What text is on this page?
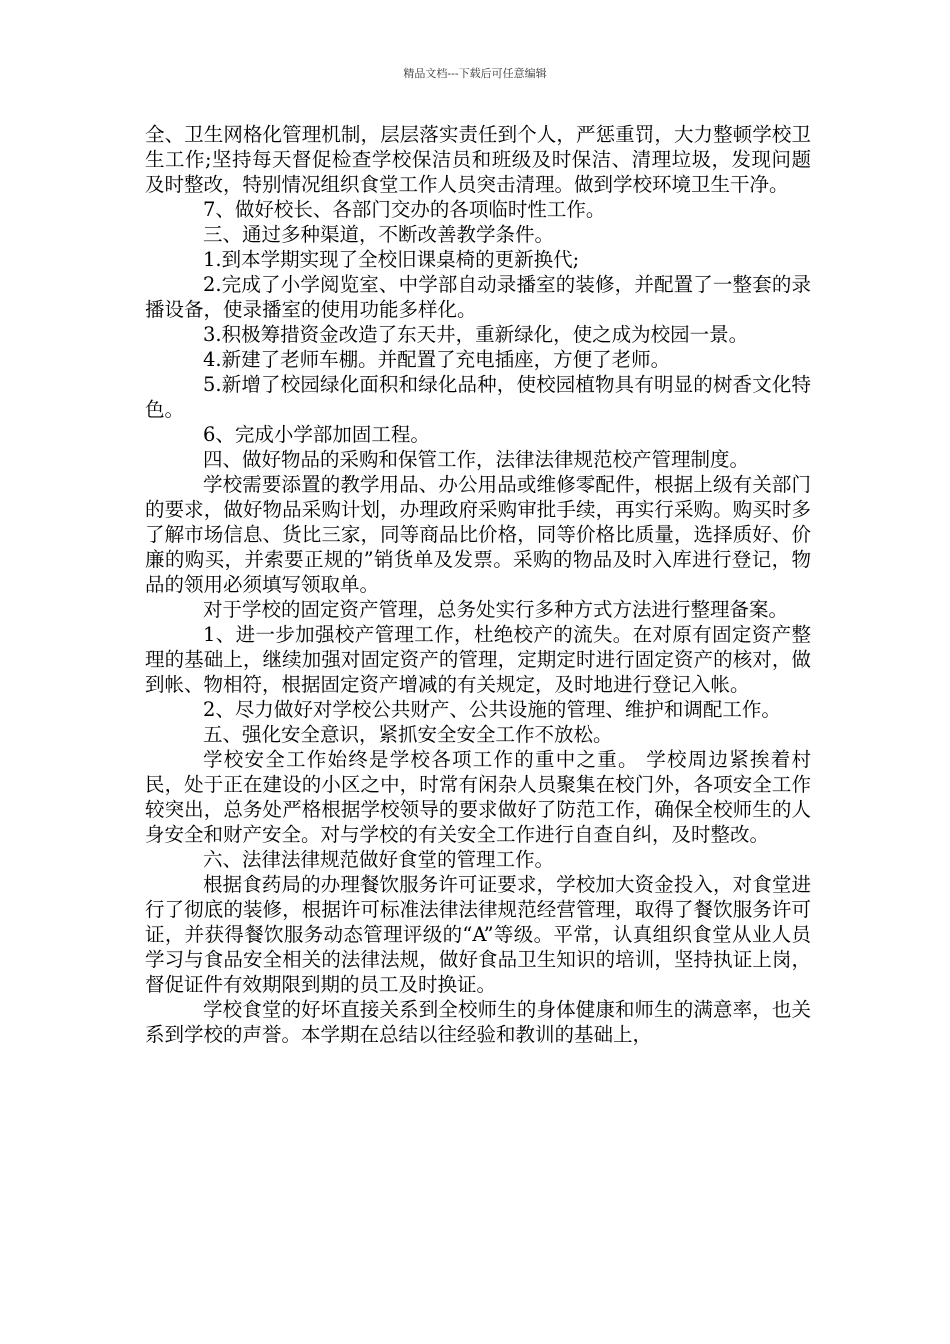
精品文档---下载后可任意编辑

全、卫生网格化管理机制，层层落实责任到个人，严惩重罚，大力整顿学校卫生工作;坚持每天督促检查学校保洁员和班级及时保洁、清理垃圾，发现问题及时整改，特别情况组织食堂工作人员突击清理。做到学校环境卫生干净。

7、做好校长、各部门交办的各项临时性工作。

三、通过多种渠道，不断改善教学条件。

1.到本学期实现了全校旧课桌椅的更新换代;

2.完成了小学阅览室、中学部自动录播室的装修，并配置了一整套的录播设备，使录播室的使用功能多样化。

3.积极筹措资金改造了东天井，重新绿化，使之成为校园一景。

4.新建了老师车棚。并配置了充电插座，方便了老师。

5.新增了校园绿化面积和绿化品种，使校园植物具有明显的树香文化特色。

6、完成小学部加固工程。

四、做好物品的采购和保管工作，法律法律规范校产管理制度。

学校需要添置的教学用品、办公用品或维修零配件，根据上级有关部门的要求，做好物品采购计划，办理政府采购审批手续，再实行采购。购买时多了解市场信息、货比三家，同等商品比价格，同等价格比质量，选择质好、价廉的购买，并索要正规的”销货单及发票。采购的物品及时入库进行登记，物品的领用必须填写领取单。

对于学校的固定资产管理，总务处实行多种方式方法进行整理备案。

1、进一步加强校产管理工作，杜绝校产的流失。在对原有固定资产整理的基础上，继续加强对固定资产的管理，定期定时进行固定资产的核对，做到帐、物相符，根据固定资产增减的有关规定，及时地进行登记入帐。

2、尽力做好对学校公共财产、公共设施的管理、维护和调配工作。

五、强化安全意识，紧抓安全安全工作不放松。

学校安全工作始终是学校各项工作的重中之重。 学校周边紧挨着村民，处于正在建设的小区之中，时常有闲杂人员聚集在校门外，各项安全工作较突出，总务处严格根据学校领导的要求做好了防范工作，确保全校师生的人身安全和财产安全。对与学校的有关安全工作进行自查自纠，及时整改。

六、法律法律规范做好食堂的管理工作。

根据食药局的办理餐饮服务许可证要求，学校加大资金投入，对食堂进行了彻底的装修，根据许可标准法律法律规范经营管理，取得了餐饮服务许可证，并获得餐饮服务动态管理评级的“A”等级。平常，认真组织食堂从业人员学习与食品安全相关的法律法规，做好食品卫生知识的培训，坚持执证上岗，督促证件有效期限到期的员工及时换证。

学校食堂的好坏直接关系到全校师生的身体健康和师生的满意率，也关系到学校的声誉。本学期在总结以往经验和教训的基础上，
